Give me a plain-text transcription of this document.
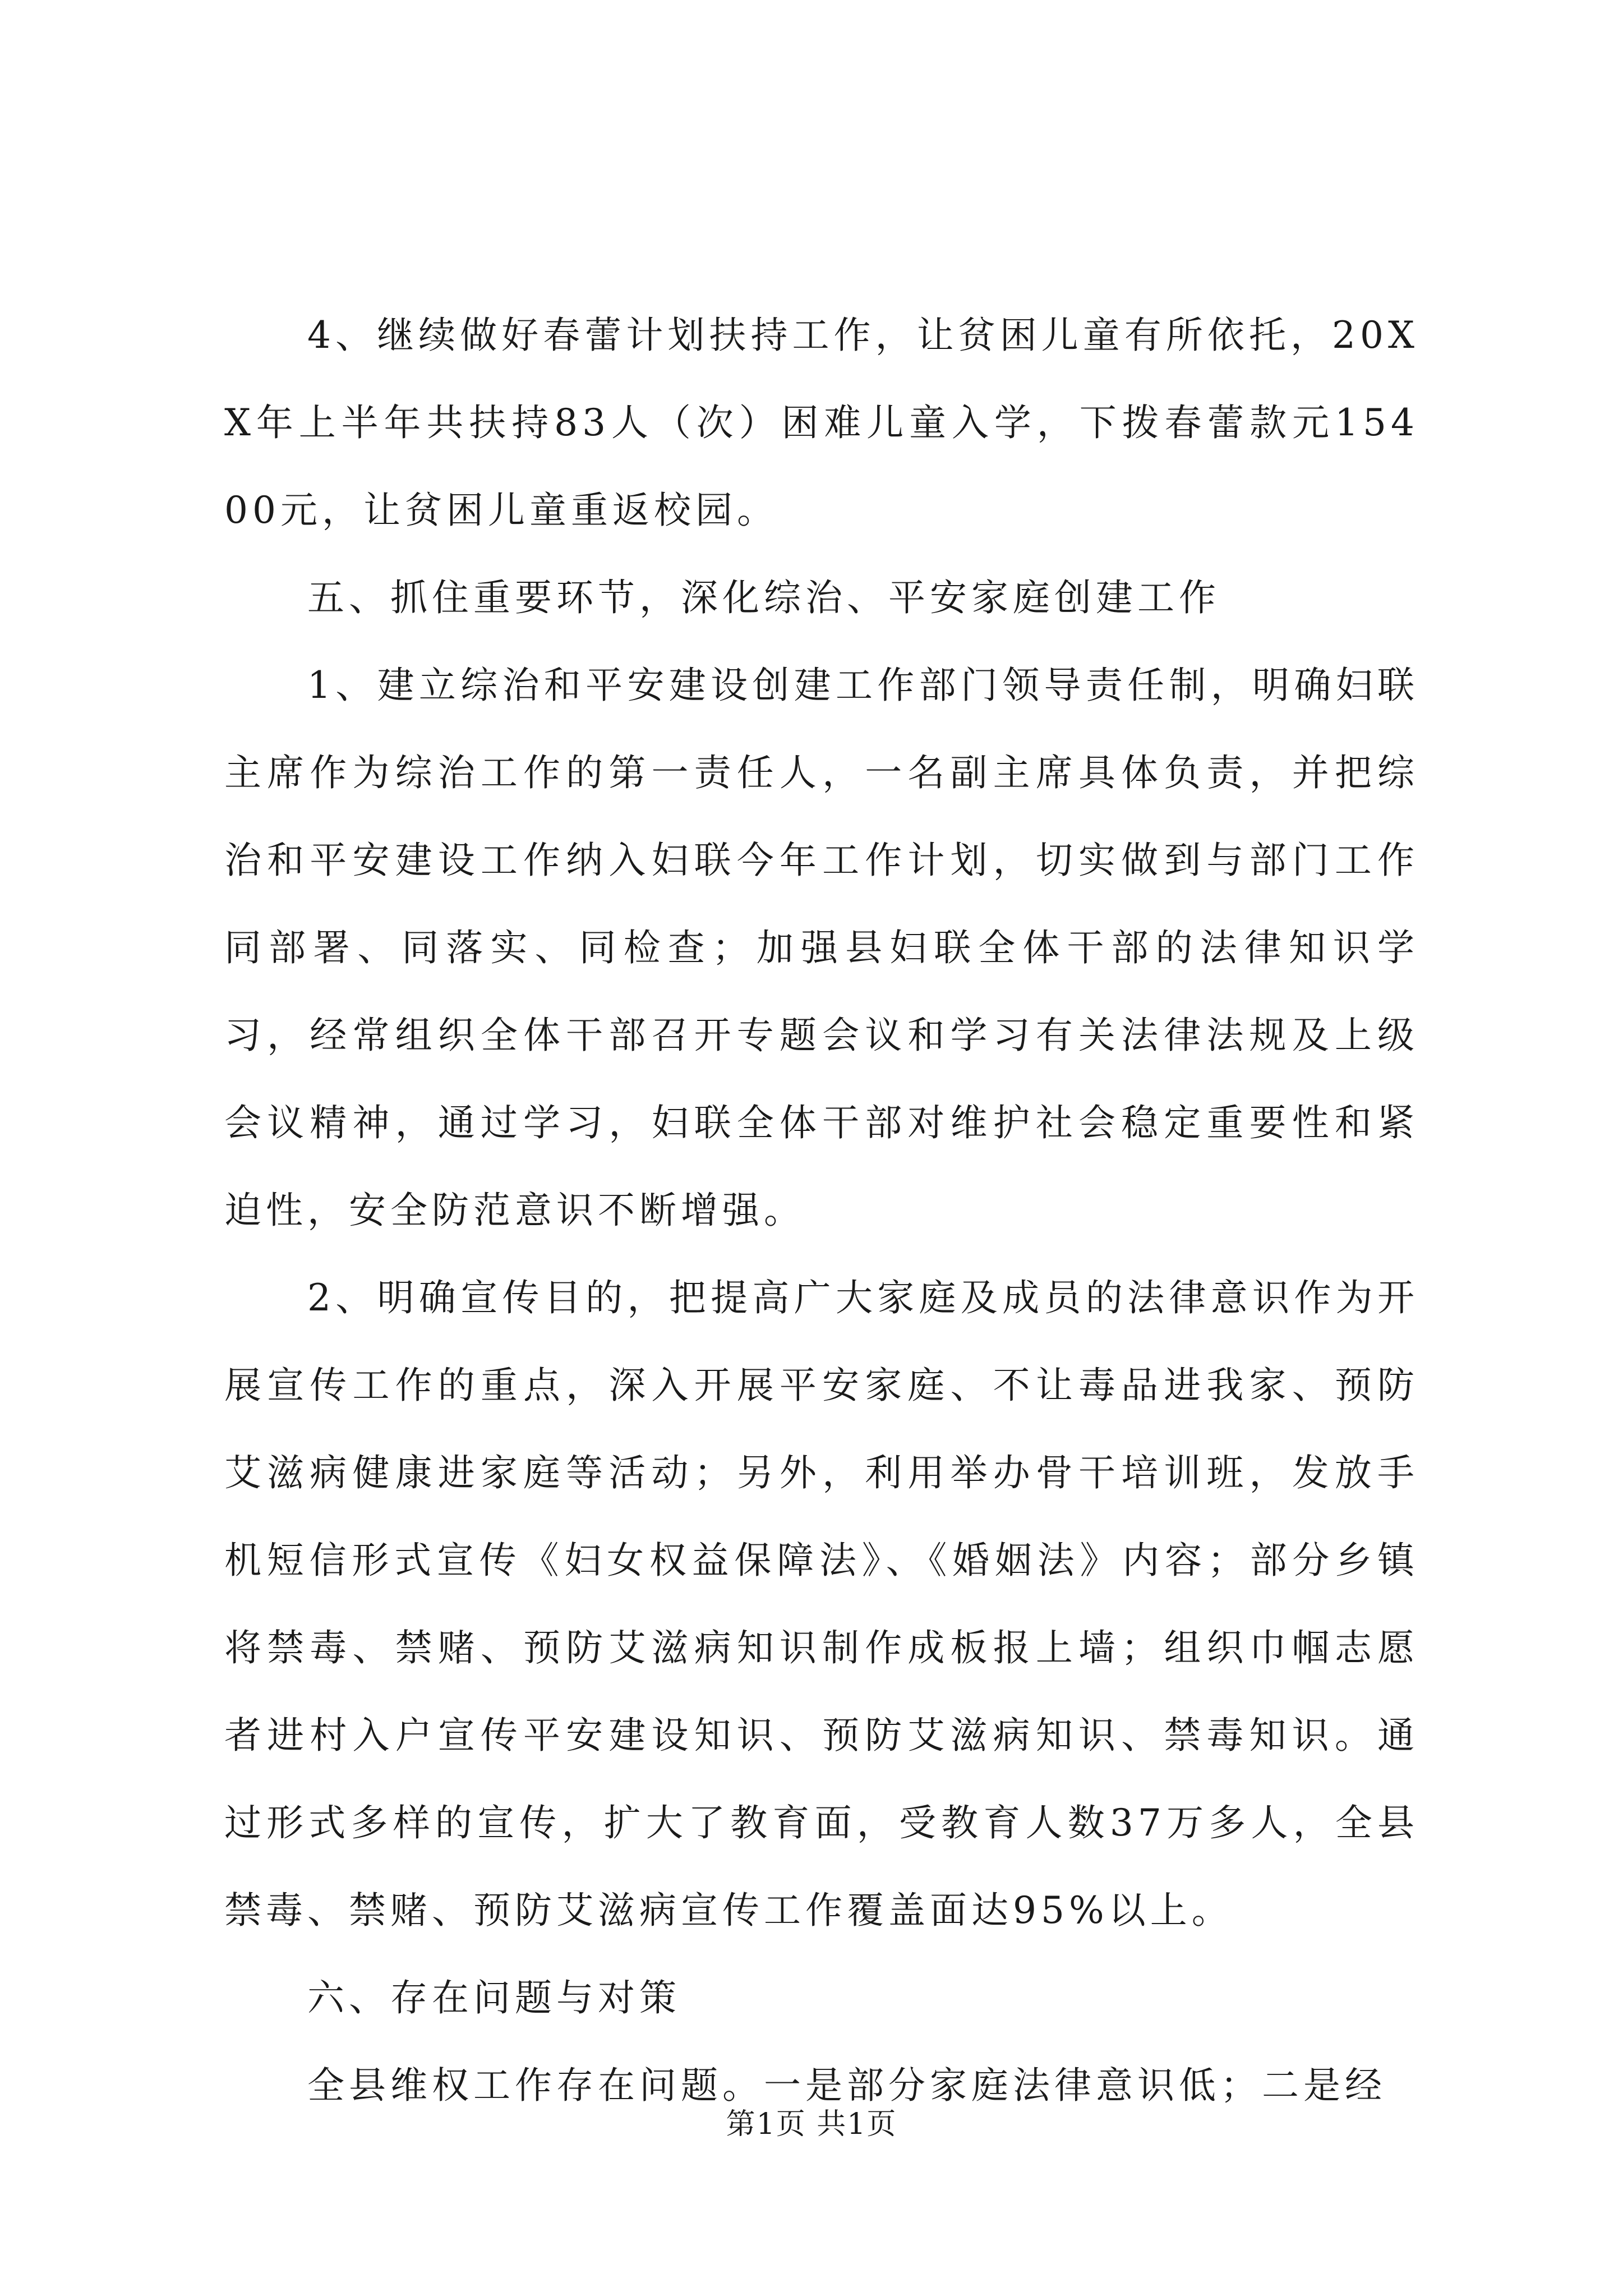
4、继续做好春蕾计划扶持工作，让贫困儿童有所依托，20XX年上半年共扶持83人（次）困难儿童入学，下拨春蕾款元15400元，让贫困儿童重返校园。

五、抓住重要环节，深化综治、平安家庭创建工作

1、建立综治和平安建设创建工作部门领导责任制，明确妇联主席作为综治工作的第一责任人，一名副主席具体负责，并把综治和平安建设工作纳入妇联今年工作计划，切实做到与部门工作同部署、同落实、同检查；加强县妇联全体干部的法律知识学习，经常组织全体干部召开专题会议和学习有关法律法规及上级会议精神，通过学习，妇联全体干部对维护社会稳定重要性和紧迫性，安全防范意识不断增强。

2、明确宣传目的，把提高广大家庭及成员的法律意识作为开展宣传工作的重点，深入开展平安家庭、不让毒品进我家、预防艾滋病健康进家庭等活动；另外，利用举办骨干培训班，发放手机短信形式宣传《妇女权益保障法》、《婚姻法》内容；部分乡镇将禁毒、禁赌、预防艾滋病知识制作成板报上墙；组织巾帼志愿者进村入户宣传平安建设知识、预防艾滋病知识、禁毒知识。通过形式多样的宣传，扩大了教育面，受教育人数37万多人，全县禁毒、禁赌、预防艾滋病宣传工作覆盖面达95%以上。

六、存在问题与对策

全县维权工作存在问题。一是部分家庭法律意识低；二是经

第1页 共1页
